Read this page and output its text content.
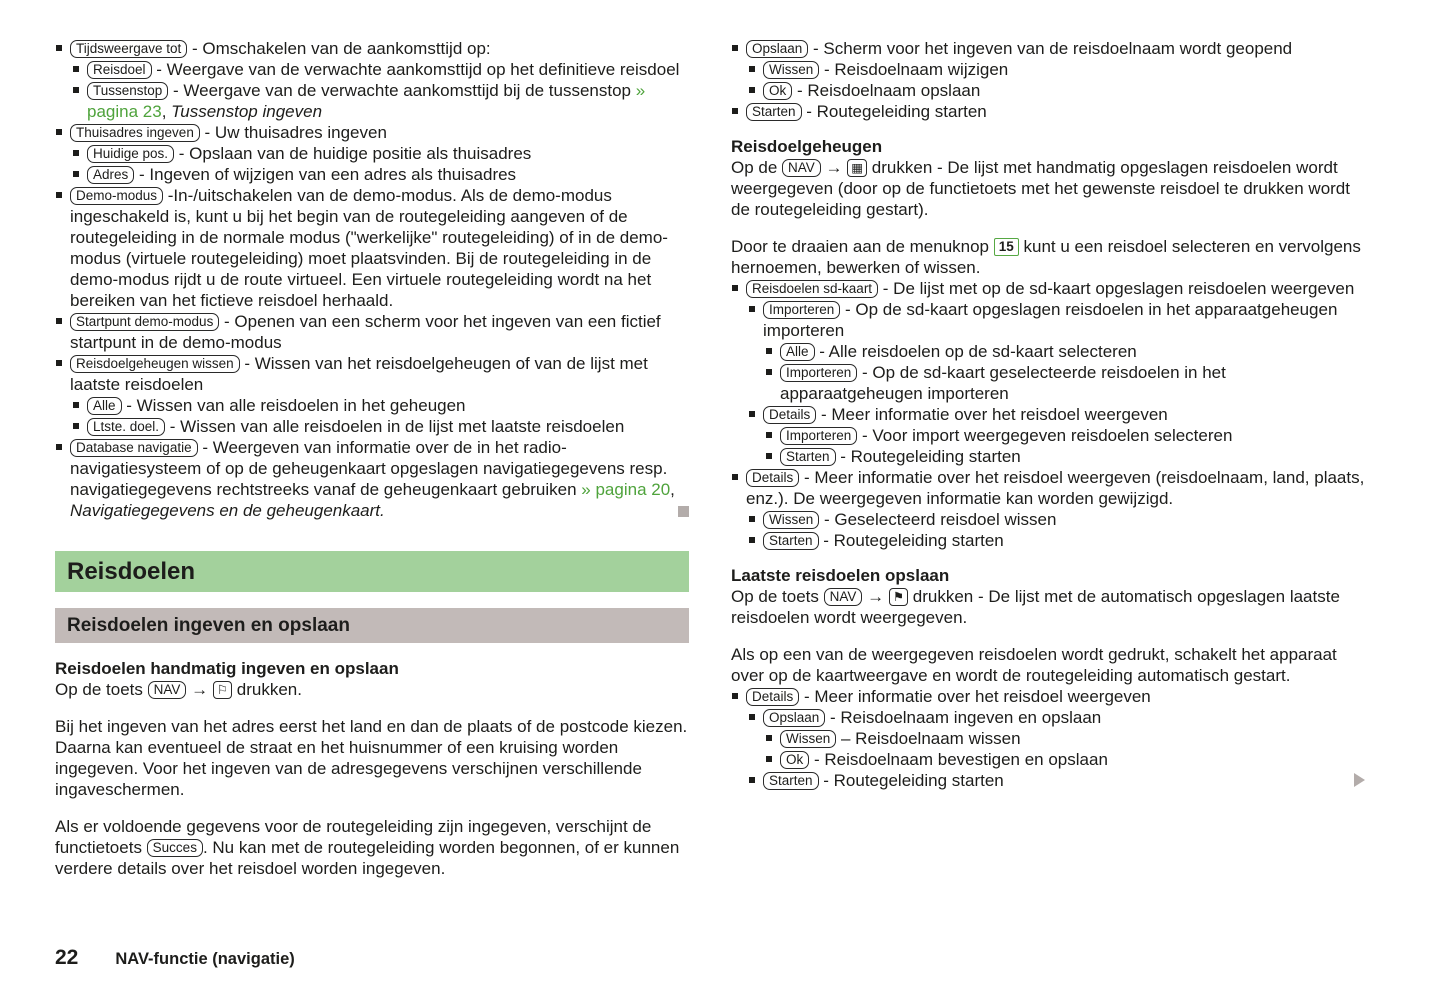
Tijdsweergave tot - Omschakelen van de aankomsttijd op:
Reisdoel - Weergave van de verwachte aankomsttijd op het definitieve reisdoel
Tussenstop - Weergave van de verwachte aankomsttijd bij de tussenstop » pagina 23, Tussenstop ingeven
Thuisadres ingeven - Uw thuisadres ingeven
Huidige pos. - Opslaan van de huidige positie als thuisadres
Adres - Ingeven of wijzigen van een adres als thuisadres
Demo-modus -In-/uitschakelen van de demo-modus. Als de demo-modus ingeschakeld is, kunt u bij het begin van de routegeleiding aangeven of de routegeleiding in de normale modus ("werkelijke" routegeleiding) of in de demo-modus (virtuele routegeleiding) moet plaatsvinden. Bij de routegeleiding in de demo-modus rijdt u de route virtueel. Een virtuele routegeleiding wordt na het bereiken van het fictieve reisdoel herhaald.
Startpunt demo-modus - Openen van een scherm voor het ingeven van een fictief startpunt in de demo-modus
Reisdoelgeheugen wissen - Wissen van het reisdoelgeheugen of van de lijst met laatste reisdoelen
Alle - Wissen van alle reisdoelen in het geheugen
Ltste. doel. - Wissen van alle reisdoelen in de lijst met laatste reisdoelen
Database navigatie - Weergeven van informatie over de in het radio-navigatiesysteem of op de geheugenkaart opgeslagen navigatiegegevens resp. navigatiegegevens rechtstreeks vanaf de geheugenkaart gebruiken » pagina 20, Navigatiegegevens en de geheugenkaart.
Reisdoelen
Reisdoelen ingeven en opslaan
Reisdoelen handmatig ingeven en opslaan

Op de toets NAV → ⚐ drukken.

Bij het ingeven van het adres eerst het land en dan de plaats of de postcode kiezen. Daarna kan eventueel de straat en het huisnummer of een kruising worden ingegeven. Voor het ingeven van de adresgegevens verschijnen verschillende ingaveschermen.

Als er voldoende gegevens voor de routegeleiding zijn ingegeven, verschijnt de functietoets Succes . Nu kan met de routegeleiding worden begonnen, of er kunnen verdere details over het reisdoel worden ingegeven.

Opslaan - Scherm voor het ingeven van de reisdoelnaam wordt geopend
Wissen - Reisdoelnaam wijzigen
Ok - Reisdoelnaam opslaan
Starten - Routegeleiding starten
Reisdoelgeheugen

Op de NAV → ▦ drukken - De lijst met handmatig opgeslagen reisdoelen wordt weergegeven (door op de functietoets met het gewenste reisdoel te drukken wordt de routegeleiding gestart).

Door te draaien aan de menuknop 15 kunt u een reisdoel selecteren en vervolgens hernoemen, bewerken of wissen.

Reisdoelen sd-kaart - De lijst met op de sd-kaart opgeslagen reisdoelen weergeven
Importeren - Op de sd-kaart opgeslagen reisdoelen in het apparaatgeheugen importeren
Alle - Alle reisdoelen op de sd-kaart selecteren
Importeren - Op de sd-kaart geselecteerde reisdoelen in het apparaatgeheugen importeren
Details - Meer informatie over het reisdoel weergeven
Importeren - Voor import weergegeven reisdoelen selecteren
Starten - Routegeleiding starten
Details - Meer informatie over het reisdoel weergeven (reisdoelnaam, land, plaats, enz.). De weergegeven informatie kan worden gewijzigd.
Wissen - Geselecteerd reisdoel wissen
Starten - Routegeleiding starten
Laatste reisdoelen opslaan

Op de toets NAV → ⚑ drukken - De lijst met de automatisch opgeslagen laatste reisdoelen wordt weergegeven.

Als op een van de weergegeven reisdoelen wordt gedrukt, schakelt het apparaat over op de kaartweergave en wordt de routegeleiding automatisch gestart.

Details - Meer informatie over het reisdoel weergeven
Opslaan - Reisdoelnaam ingeven en opslaan
Wissen – Reisdoelnaam wissen
Ok - Reisdoelnaam bevestigen en opslaan
Starten - Routegeleiding starten
22 NAV-functie (navigatie)
